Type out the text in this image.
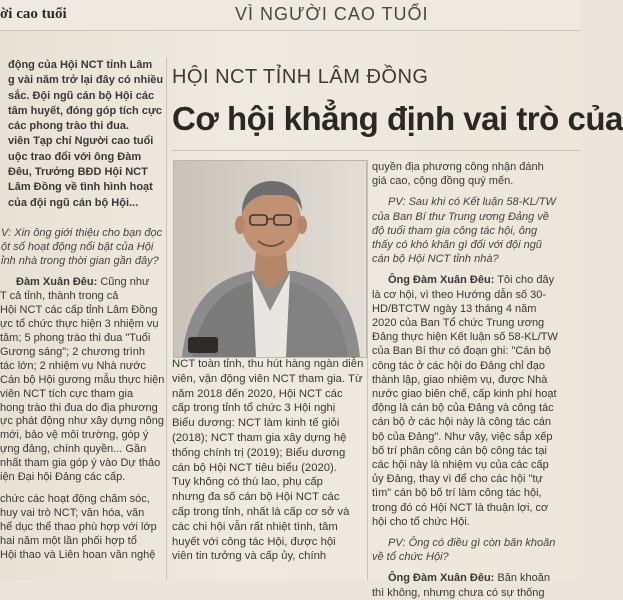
ời cao tuổi	VÌ NGƯỜI CAO TUỔI
động của Hội NCT tỉnh Lâm
g vài năm trở lại đây có nhiều
sắc. Đội ngũ cán bộ Hội các
tâm huyết, đóng góp tích cực
các phong trào thi đua.
viên Tạp chí Người cao tuổi
uộc trao đổi với ông Đàm
Đêu, Trưởng BĐD Hội NCT
Lâm Đồng về tình hình hoạt
của đội ngũ cán bộ Hội...
V: Xin ông giới thiệu cho bạn đọc
ột số hoạt động nổi bật của Hội
ỉnh nhà trong thời gian gần đây?
Đàm Xuân Đêu: Cũng như
T cả tỉnh, thành trong cả
Hội NCT các cấp tỉnh Lâm Đồng
ực tổ chức thực hiện 3 nhiệm vụ
tâm; 5 phong trào thi đua "Tuổi
Gương sáng"; 2 chương trình
tác lớn; 2 nhiệm vụ Nhà nước
Cán bộ Hội gương mẫu thực hiện
viên NCT tích cực tham gia
hong trào thi đua do địa phương
ực phát động như xây dựng nông
mới, bảo vệ môi trường, góp ý
ựng đảng, chính quyền... Gần
nhất tham gia góp ý vào Dự thảo
iện Đại hội Đảng các cấp.
chức các hoạt động chăm sóc,
huy vai trò NCT; văn hóa, văn
hể dục thể thao phù hợp với lớp
hai năm một lần phối hợp tổ
Hội thao và Liên hoan văn nghệ
HỘI NCT TỈNH LÂM ĐỒNG
Cơ hội khẳng định vai trò của
NCT toàn tỉnh, thu hút hàng ngàn diễn
viên, vận động viên NCT tham gia. Từ
năm 2018 đến 2020, Hội NCT các
cấp trong tỉnh tổ chức 3 Hội nghị
Biểu dương: NCT làm kinh tế giỏi
(2018); NCT tham gia xây dựng hệ
thống chính trị (2019); Biểu dương
cán bộ Hội NCT tiêu biểu (2020).
Tuy không có thù lao, phụ cấp
nhưng đa số cán bộ Hội NCT các
cấp trong tỉnh, nhất là cấp cơ sở và
các chi hội vẫn rất nhiệt tình, tâm
huyết với công tác Hội, được hội
viên tin tưởng và cấp ủy, chính
quyền địa phương công nhận đánh
giá cao, cộng đồng quý mến.
PV: Sau khi có Kết luận 58-KL/TW
của Ban Bí thư Trung ương Đảng về
độ tuổi tham gia công tác hội, ông
thấy có khó khăn gì đối với đội ngũ
cán bộ Hội NCT tỉnh nhà?
Ông Đàm Xuân Đêu: Tôi cho đây
là cơ hội, vì theo Hướng dẫn số 30-
HD/BTCTW ngày 13 tháng 4 năm
2020 của Ban Tổ chức Trung ương
Đảng thực hiện Kết luận số 58-KL/TW
của Ban Bí thư có đoạn ghi: "Cán bộ
công tác ở các hội do Đảng chỉ đạo
thành lập, giao nhiệm vụ, được Nhà
nước giao biên chế, cấp kinh phí hoạt
động là cán bộ của Đảng và công tác
cán bộ ở các hội này là công tác cán
bộ của Đảng". Như vậy, việc sắp xếp
bố trí phân công cán bộ công tác tại
các hội này là nhiệm vụ của các cấp
ủy Đảng, thay vì để cho các hội "tự
tìm" cán bộ bố trí làm công tác hội,
trong đó có Hội NCT là thuận lợi, cơ
hội cho tổ chức Hội.
PV: Ông có điều gì còn băn khoăn
về tổ chức Hội?
Ông Đàm Xuân Đêu: Băn khoăn
thì không, nhưng chưa có sự thống
